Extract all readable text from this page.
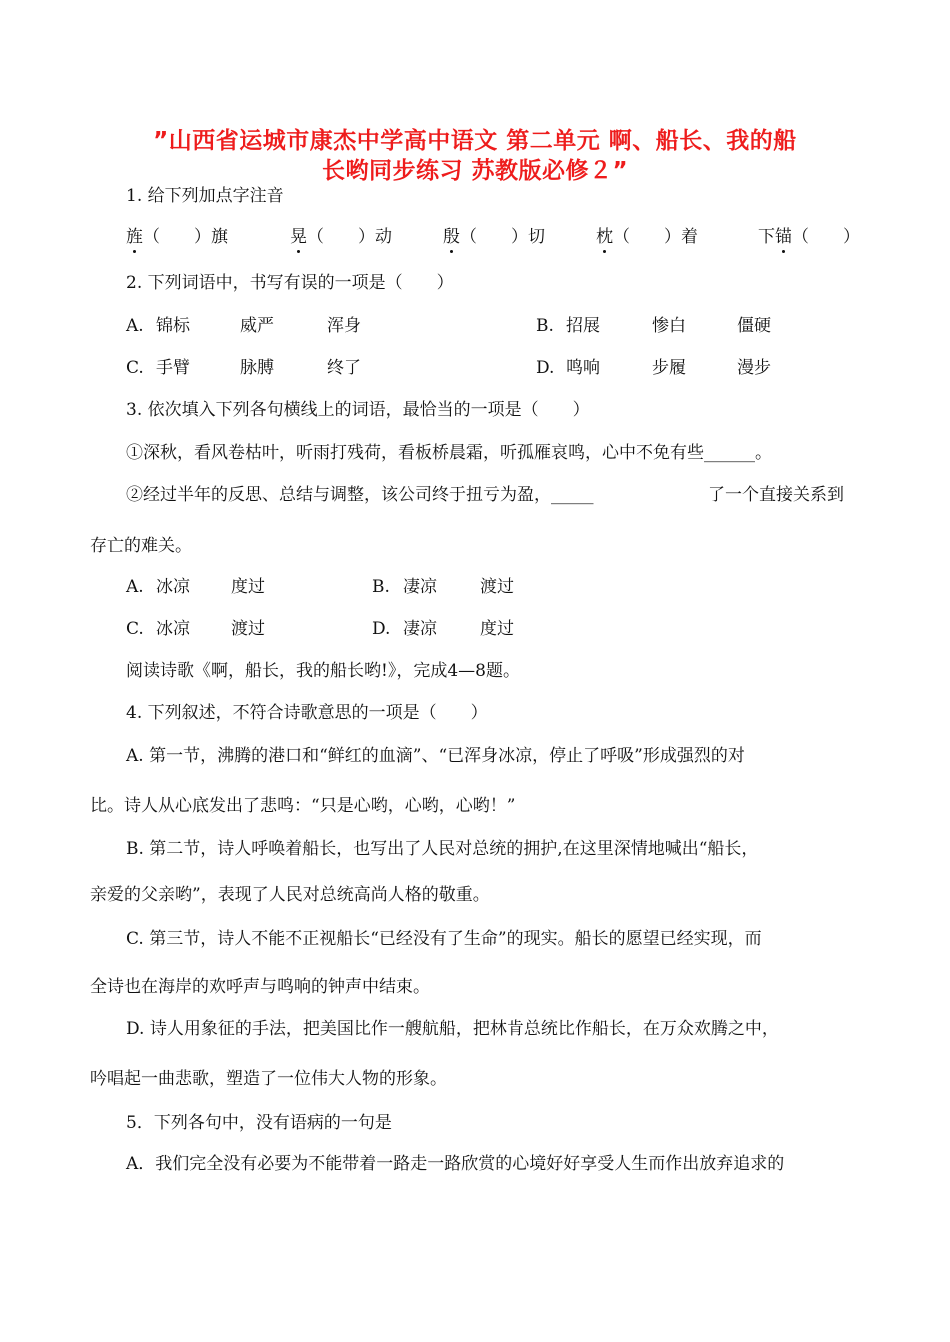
”山西省运城市康杰中学高中语文 第二单元 啊、船长、我的船
长哟同步练习 苏教版必修２”
1. 给下列加点字注音
旌（　　）旗	晃（　　）动	殷（　　）切	枕（　　）着	下锚（　　）
2. 下列词语中，书写有误的一项是（　　）
A. 锦标	威严	浑身	B. 招展	惨白	僵硬
C. 手臂	脉膊	终了	D. 鸣响	步履	漫步
3. 依次填入下列各句横线上的词语，最恰当的一项是（　　）
①深秋，看风卷枯叶，听雨打残荷，看板桥晨霜，听孤雁哀鸣，心中不免有些______。
②经过半年的反思、总结与调整，该公司终于扭亏为盈，_____	了一个直接关系到
存亡的难关。
A. 冰凉 度过	B. 凄凉	渡过
C. 冰凉 渡过	D. 凄凉	度过
阅读诗歌《啊，船长，我的船长哟!》，完成4—8题。
4. 下列叙述，不符合诗歌意思的一项是（　　）
A. 第一节，沸腾的港口和“鲜红的血滴”、“已浑身冰凉，停止了呼吸”形成强烈的对
比。诗人从心底发出了悲鸣：“只是心哟，心哟，心哟！”
B. 第二节，诗人呼唤着船长，也写出了人民对总统的拥护,在这里深情地喊出“船长，
亲爱的父亲哟”，表现了人民对总统高尚人格的敬重。
C. 第三节，诗人不能不正视船长“已经没有了生命”的现实。船长的愿望已经实现，而
全诗也在海岸的欢呼声与鸣响的钟声中结束。
D. 诗人用象征的手法，把美国比作一艘航船，把林肯总统比作船长，在万众欢腾之中，
吟唱起一曲悲歌，塑造了一位伟大人物的形象。
5．下列各句中，没有语病的一句是
A．我们完全没有必要为不能带着一路走一路欣赏的心境好好享受人生而作出放弃追求的
